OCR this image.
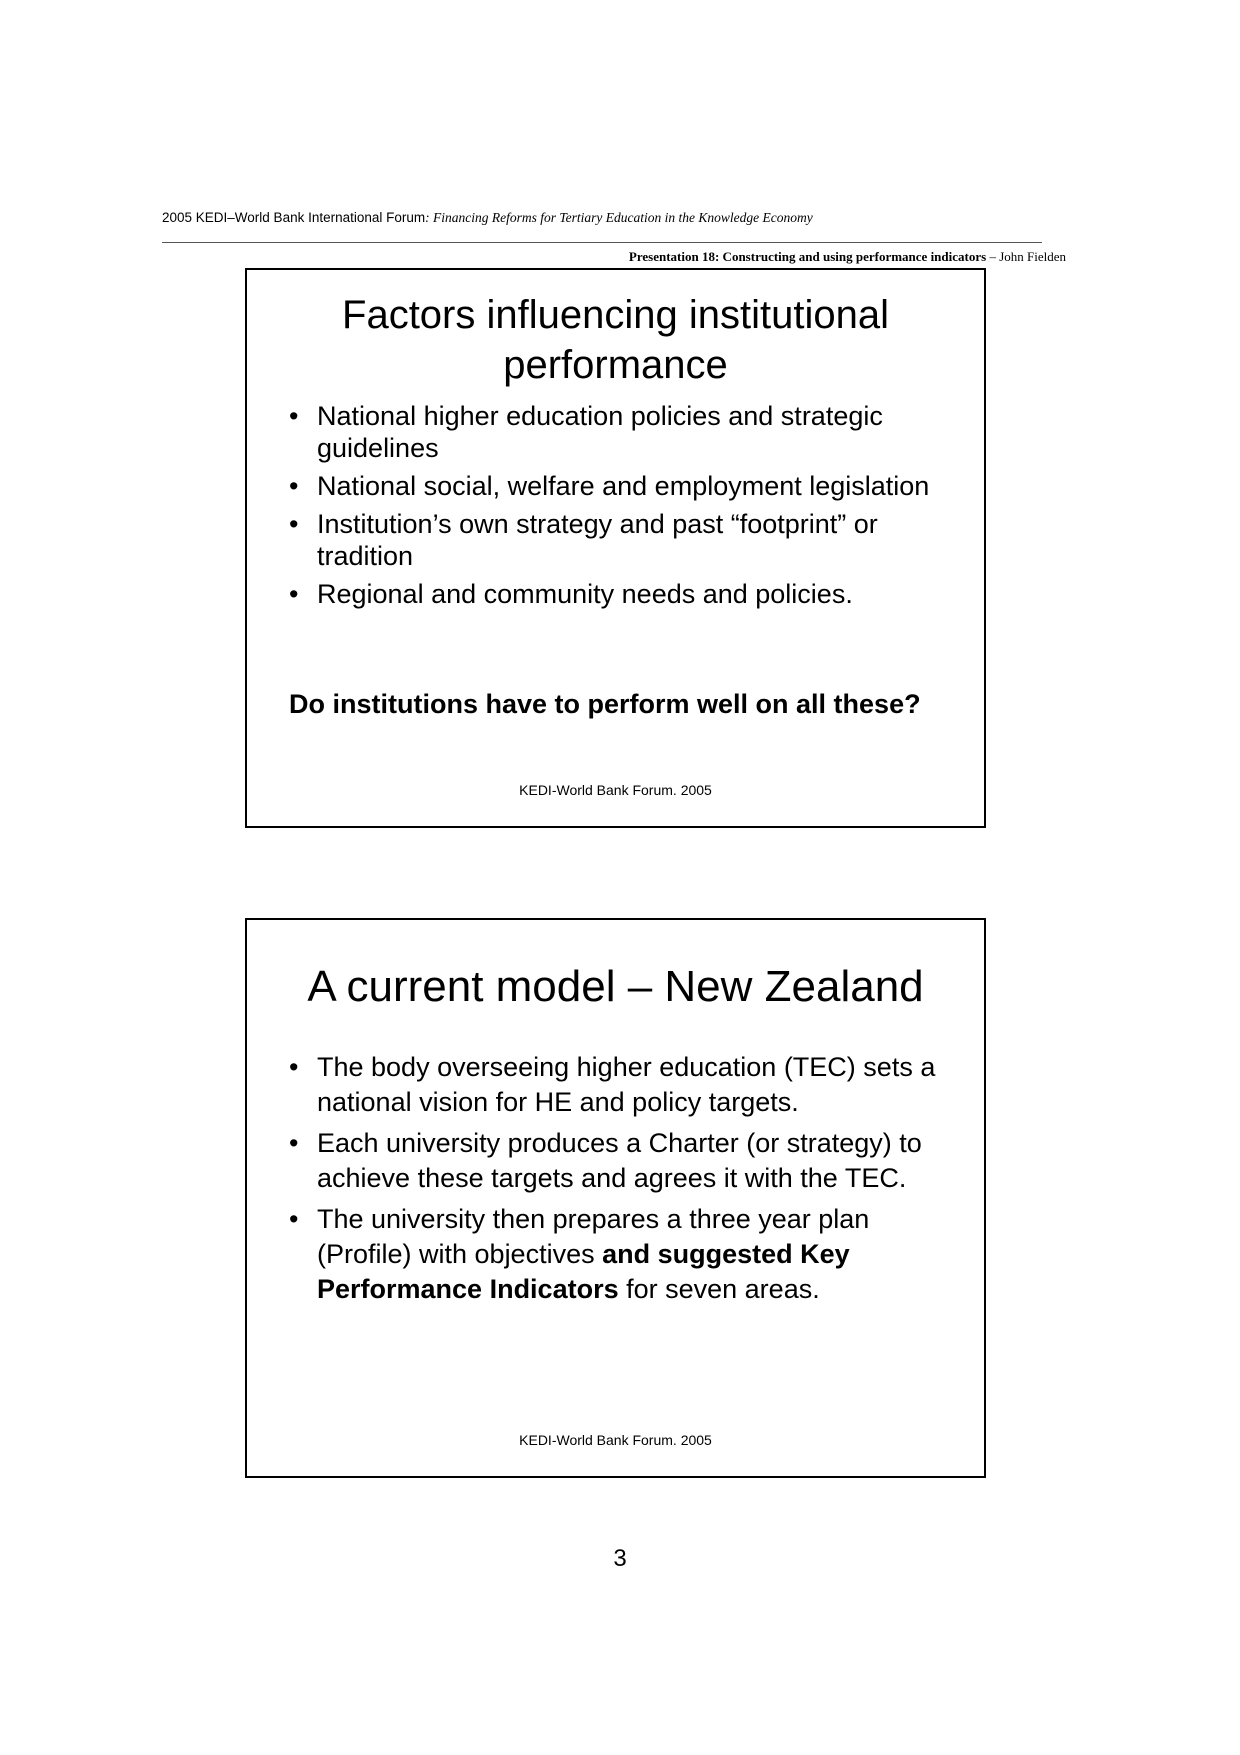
2005 KEDI–World Bank International Forum: Financing Reforms for Tertiary Education in the Knowledge Economy
Presentation 18: Constructing and using performance indicators – John Fielden
Factors influencing institutional
performance
• National higher education policies and strategic guidelines
• National social, welfare and employment legislation
• Institution’s own strategy and past “footprint” or tradition
• Regional and community needs and policies.
Do institutions have to perform well on all these?
KEDI-World Bank Forum. 2005
A current model – New Zealand
• The body overseeing higher education (TEC) sets a national vision for HE and policy targets.
• Each university produces a Charter (or strategy) to achieve these targets and agrees it with the TEC.
• The university then prepares a three year plan (Profile) with objectives and suggested Key Performance Indicators for seven areas.
KEDI-World Bank Forum. 2005
3
